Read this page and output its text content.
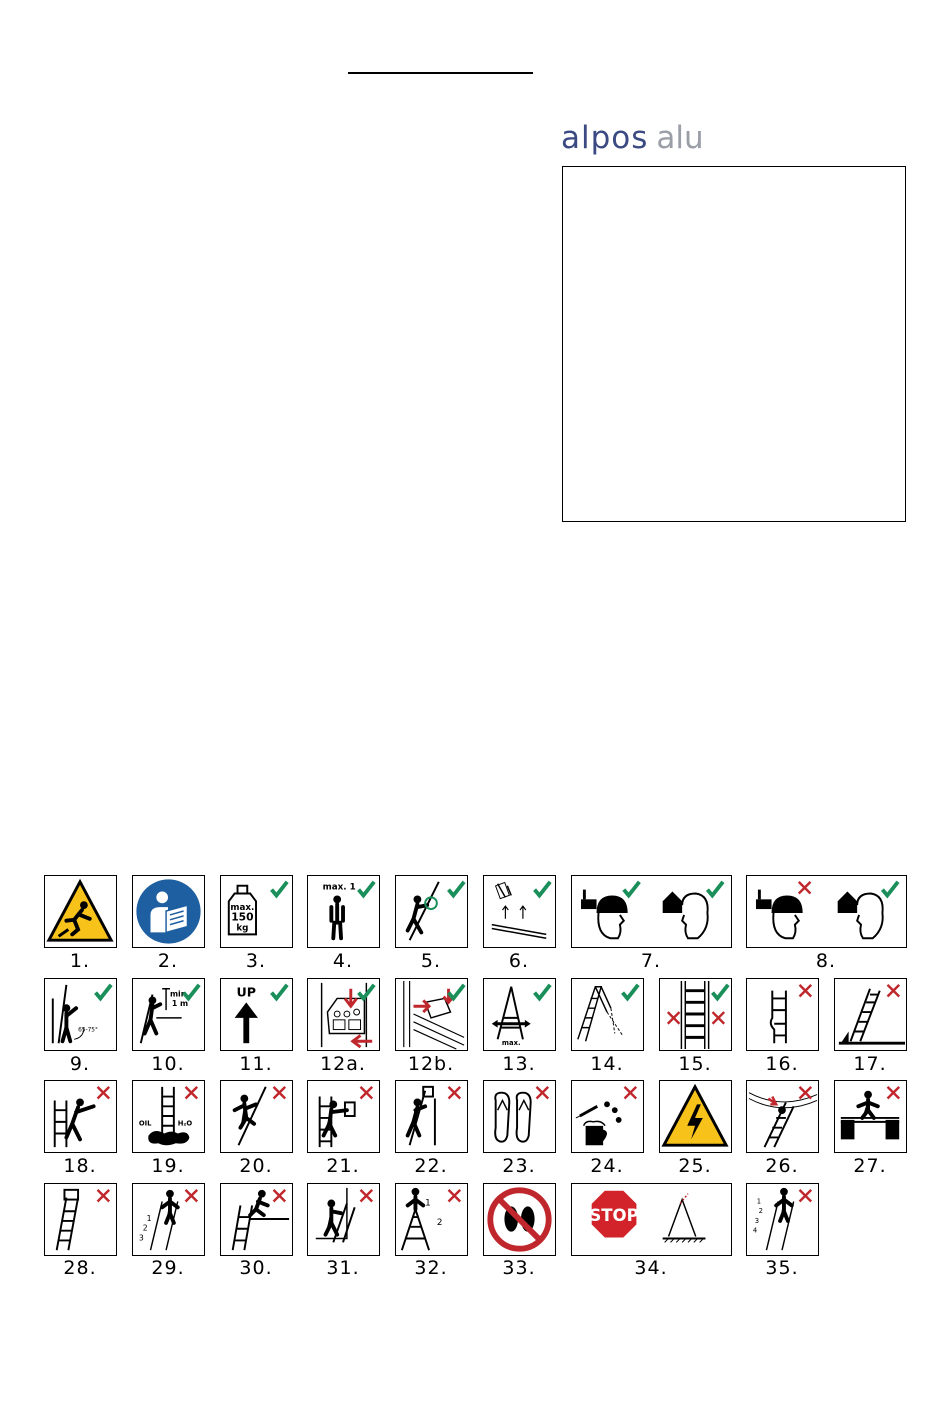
alpos alu
1.	2.
max.
150
kg
3.
max. 1
4.	5.	6.	7.	8.
65-75°
9.
min.
1 m
10.
UP
11.	12a.	12b.
max.
13.	14.	15.	16.	17.
18.
OIL	H₂O
19.	20.	21.	22.	23.	24.	25.	26.	27.
28.
1
2
3
29.	30.	31.
1
2
32.	33.
STOP
34.
1
2
3
4
35.
